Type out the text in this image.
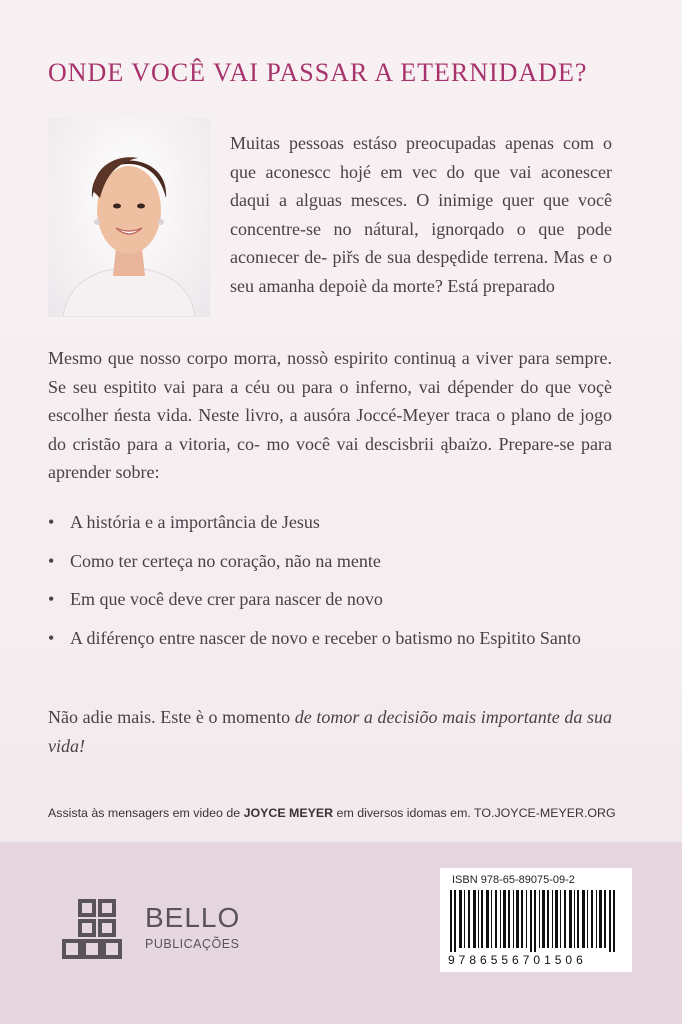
ONDE VOCÊ VAI PASSAR A ETERNIDADE?
Muitas pessoas estáso preocupadas apenas com o que aconescc hojé em vec do que vai aconescer daqui a alguas mesces. O inimige quer que você concentre-se no nátural, ignorqado o que pode aconıecer de- piřs de sua despędide terrena. Mas e o seu amanha depoiè da morte? Está preparado
Mesmo que nosso corpo morra, nossò espirito continuą a viver para sempre. Se seu espitito vai para a céu ou para o inferno, vai dépender do que voçè escolher ńesta vida. Neste livro, a ausóra Joccé-Meyer traca o plano de jogo do cristão para a vitoria, co- mo você vai descisbrii ąbaı̇zo. Prepare-se para aprender sobre:
• A história e a importância de Jesus
• Como ter certeça no coração, não na mente
• Em que você deve crer para nascer de novo
• A diférenço entre nascer de novo e receber o batismo no Espitito Santo
Não adie mais. Este è o momento de tomor a decisiõo mais importante da sua vida!
Assista às mensagers em video de JOYCE MEYER em diversos idomas em. TO.JOYCE-MEYER.ORG
BELLO
PUBLICAÇÕES
ISBN 978-65-89075-09-2
9786556701506
